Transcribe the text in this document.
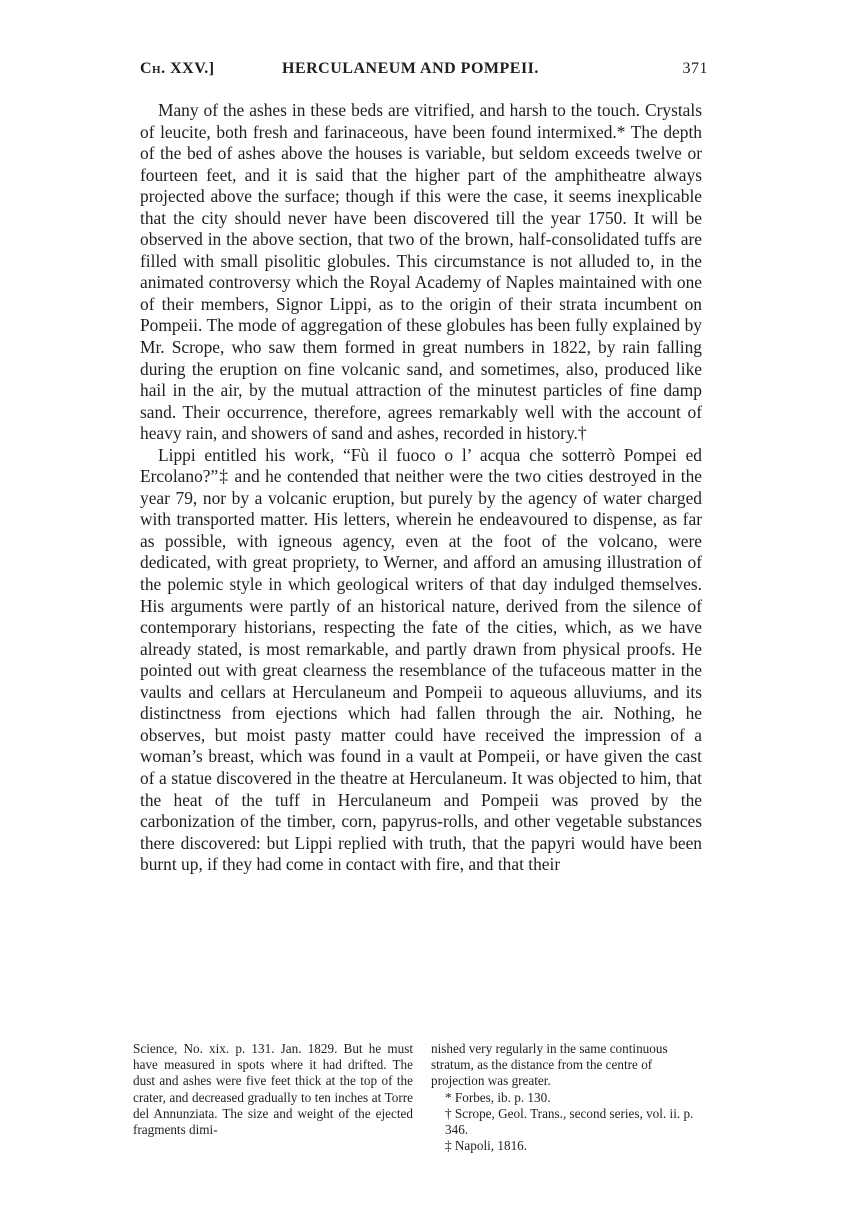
Ch. XXV.]	HERCULANEUM AND POMPEII.	371

Many of the ashes in these beds are vitrified, and harsh to the touch. Crystals of leucite, both fresh and farinaceous, have been found intermixed.* The depth of the bed of ashes above the houses is variable, but seldom exceeds twelve or fourteen feet, and it is said that the higher part of the amphitheatre always projected above the surface; though if this were the case, it seems inexplicable that the city should never have been discovered till the year 1750. It will be observed in the above section, that two of the brown, half-consolidated tuffs are filled with small pisolitic globules. This circumstance is not alluded to, in the animated controversy which the Royal Academy of Naples maintained with one of their members, Signor Lippi, as to the origin of their strata incumbent on Pompeii. The mode of aggregation of these globules has been fully explained by Mr. Scrope, who saw them formed in great numbers in 1822, by rain falling during the eruption on fine volcanic sand, and sometimes, also, produced like hail in the air, by the mutual attraction of the minutest particles of fine damp sand. Their occurrence, therefore, agrees remarkably well with the account of heavy rain, and showers of sand and ashes, recorded in history.†

Lippi entitled his work, “Fù il fuoco o l’ acqua che sotterrò Pompei ed Ercolano?”‡ and he contended that neither were the two cities destroyed in the year 79, nor by a volcanic eruption, but purely by the agency of water charged with transported matter. His letters, wherein he endeavoured to dispense, as far as possible, with igneous agency, even at the foot of the volcano, were dedicated, with great propriety, to Werner, and afford an amusing illustration of the polemic style in which geological writers of that day indulged themselves. His arguments were partly of an historical nature, derived from the silence of contemporary historians, respecting the fate of the cities, which, as we have already stated, is most remarkable, and partly drawn from physical proofs. He pointed out with great clearness the resemblance of the tufaceous matter in the vaults and cellars at Herculaneum and Pompeii to aqueous alluviums, and its distinctness from ejections which had fallen through the air. Nothing, he observes, but moist pasty matter could have received the impression of a woman’s breast, which was found in a vault at Pompeii, or have given the cast of a statue discovered in the theatre at Herculaneum. It was objected to him, that the heat of the tuff in Herculaneum and Pompeii was proved by the carbonization of the timber, corn, papyrus-rolls, and other vegetable substances there discovered: but Lippi replied with truth, that the papyri would have been burnt up, if they had come in contact with fire, and that their

Science, No. xix. p. 131. Jan. 1829. But he must have measured in spots where it had drifted. The dust and ashes were five feet thick at the top of the crater, and decreased gradually to ten inches at Torre del Annunziata. The size and weight of the ejected fragments dimi-

nished very regularly in the same continuous stratum, as the distance from the centre of projection was greater.

* Forbes, ib. p. 130.

† Scrope, Geol. Trans., second series, vol. ii. p. 346.

‡ Napoli, 1816.
